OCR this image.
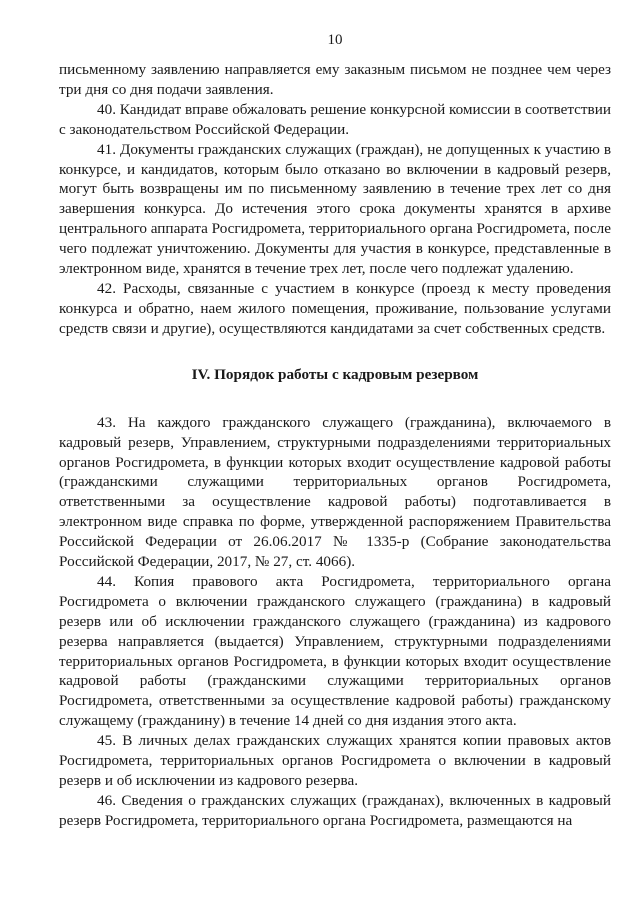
10

письменному заявлению направляется ему заказным письмом не позднее чем через три дня со дня подачи заявления.

40. Кандидат вправе обжаловать решение конкурсной комиссии в соответствии с законодательством Российской Федерации.

41. Документы гражданских служащих (граждан), не допущенных к участию в конкурсе, и кандидатов, которым было отказано во включении в кадровый резерв, могут быть возвращены им по письменному заявлению в течение трех лет со дня завершения конкурса. До истечения этого срока документы хранятся в архиве центрального аппарата Росгидромета, территориального органа Росгидромета, после чего подлежат уничтожению. Документы для участия в конкурсе, представленные в электронном виде, хранятся в течение трех лет, после чего подлежат удалению.

42. Расходы, связанные с участием в конкурсе (проезд к месту проведения конкурса и обратно, наем жилого помещения, проживание, пользование услугами средств связи и другие), осуществляются кандидатами за счет собственных средств.

IV. Порядок работы с кадровым резервом

43. На каждого гражданского служащего (гражданина), включаемого в кадровый резерв, Управлением, структурными подразделениями территориальных органов Росгидромета, в функции которых входит осуществление кадровой работы (гражданскими служащими территориальных органов Росгидромета, ответственными за осуществление кадровой работы) подготавливается в электронном виде справка по форме, утвержденной распоряжением Правительства Российской Федерации от 26.06.2017 № 1335-р (Собрание законодательства Российской Федерации, 2017, № 27, ст. 4066).

44. Копия правового акта Росгидромета, территориального органа Росгидромета о включении гражданского служащего (гражданина) в кадровый резерв или об исключении гражданского служащего (гражданина) из кадрового резерва направляется (выдается) Управлением, структурными подразделениями территориальных органов Росгидромета, в функции которых входит осуществление кадровой работы (гражданскими служащими территориальных органов Росгидромета, ответственными за осуществление кадровой работы) гражданскому служащему (гражданину) в течение 14 дней со дня издания этого акта.

45. В личных делах гражданских служащих хранятся копии правовых актов Росгидромета, территориальных органов Росгидромета о включении в кадровый резерв и об исключении из кадрового резерва.

46. Сведения о гражданских служащих (гражданах), включенных в кадровый резерв Росгидромета, территориального органа Росгидромета, размещаются на
